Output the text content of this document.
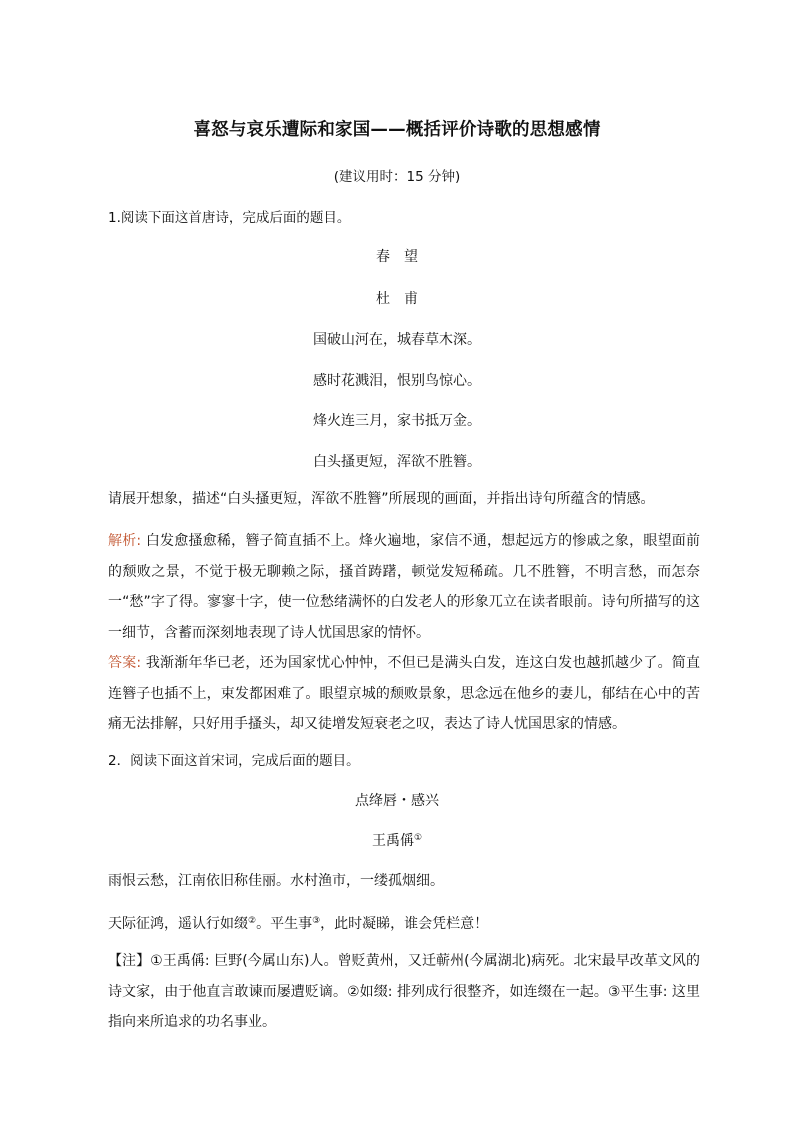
喜怒与哀乐遭际和家国——概括评价诗歌的思想感情
(建议用时：15 分钟)
1.阅读下面这首唐诗，完成后面的题目。
春　望
杜　甫
国破山河在，城春草木深。
感时花溅泪，恨别鸟惊心。
烽火连三月，家书抵万金。
白头搔更短，浑欲不胜簪。
请展开想象，描述“白头搔更短，浑欲不胜簪”所展现的画面，并指出诗句所蕴含的情感。
解析: 白发愈搔愈稀，簪子简直插不上。烽火遍地，家信不通，想起远方的惨戚之象，眼望面前的颓败之景，不觉于极无聊赖之际，搔首踌躇，顿觉发短稀疏。几不胜簪，不明言愁，而怎奈一“愁”字了得。寥寥十字，使一位愁绪满怀的白发老人的形象兀立在读者眼前。诗句所描写的这一细节，含蓄而深刻地表现了诗人忧国思家的情怀。
答案: 我渐渐年华已老，还为国家忧心忡忡，不但已是满头白发，连这白发也越抓越少了。简直连簪子也插不上，束发都困难了。眼望京城的颓败景象，思念远在他乡的妻儿，郁结在心中的苦痛无法排解，只好用手搔头，却又徒增发短衰老之叹，表达了诗人忧国思家的情感。
2．阅读下面这首宋词，完成后面的题目。
点绛唇・感兴
王禹偁①
雨恨云愁，江南依旧称佳丽。水村渔市，一缕孤烟细。
天际征鸿，遥认行如缀②。平生事③，此时凝睇，谁会凭栏意！
【注】①王禹偁: 巨野(今属山东)人。曾贬黄州，又迁蕲州(今属湖北)病死。北宋最早改革文风的诗文家，由于他直言敢谏而屡遭贬谪。②如缀: 排列成行很整齐，如连缀在一起。③平生事: 这里指向来所追求的功名事业。
